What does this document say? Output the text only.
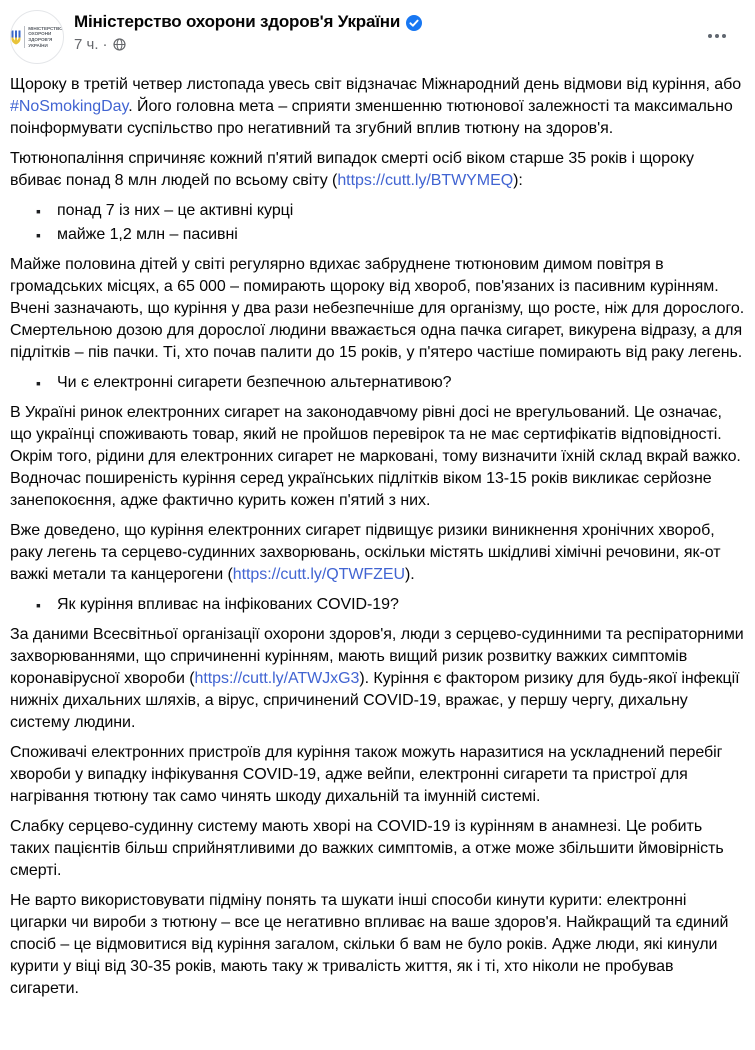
МІНІСТЕРСТВО
ОХОРОНИ
ЗДОРОВ'Я
УКРАЇНИ
Міністерство охорони здоров'я України
7 ч. ·

Щороку в третій четвер листопада увесь світ відзначає Міжнародний день відмови від куріння, або #NoSmokingDay. Його головна мета – сприяти зменшенню тютюнової залежності та максимально поінформувати суспільство про негативний та згубний вплив тютюну на здоров'я.

Тютюнопаління спричиняє кожний п'ятий випадок смерті осіб віком старше 35 років і щороку вбиває понад 8 млн людей по всьому світу (https://cutt.ly/BTWYMEQ):

▪ понад 7 із них – це активні курці
▪ майже 1,2 млн – пасивні

Майже половина дітей у світі регулярно вдихає забруднене тютюновим димом повітря в громадських місцях, а 65 000 – помирають щороку від хвороб, пов'язаних із пасивним курінням. Вчені зазначають, що куріння у два рази небезпечніше для організму, що росте, ніж для дорослого. Смертельною дозою для дорослої людини вважається одна пачка сигарет, викурена відразу, а для підлітків – пів пачки. Ті, хто почав палити до 15 років, у п'ятеро частіше помирають від раку легень.

▪ Чи є електронні сигарети безпечною альтернативою?

В Україні ринок електронних сигарет на законодавчому рівні досі не врегульований. Це означає, що українці споживають товар, який не пройшов перевірок та не має сертифікатів відповідності. Окрім того, рідини для електронних сигарет не марковані, тому визначити їхній склад вкрай важко. Водночас поширеність куріння серед українських підлітків віком 13-15 років викликає серйозне занепокоєння, адже фактично курить кожен п'ятий з них.

Вже доведено, що куріння електронних сигарет підвищує ризики виникнення хронічних хвороб, раку легень та серцево-судинних захворювань, оскільки містять шкідливі хімічні речовини, як-от важкі метали та канцерогени (https://cutt.ly/QTWFZEU).

▪ Як куріння впливає на інфікованих COVID-19?

За даними Всесвітньої організації охорони здоров'я, люди з серцево-судинними та респіраторними захворюваннями, що спричиненні курінням, мають вищий ризик розвитку важких симптомів коронавірусної хвороби (https://cutt.ly/ATWJxG3). Куріння є фактором ризику для будь-якої інфекції нижніх дихальних шляхів, а вірус, спричинений COVID-19, вражає, у першу чергу, дихальну систему людини.

Споживачі електронних пристроїв для куріння також можуть наразитися на ускладнений перебіг хвороби у випадку інфікування COVID-19, адже вейпи, електронні сигарети та пристрої для нагрівання тютюну так само чинять шкоду дихальній та імунній системі.

Слабку серцево-судинну систему мають хворі на COVID-19 із курінням в анамнезі. Це робить таких пацієнтів більш сприйнятливими до важких симптомів, а отже може збільшити ймовірність смерті.

Не варто використовувати підміну понять та шукати інші способи кинути курити: електронні цигарки чи вироби з тютюну – все це негативно впливає на ваше здоров'я. Найкращий та єдиний спосіб – це відмовитися від куріння загалом, скільки б вам не було років. Адже люди, які кинули курити у віці від 30-35 років, мають таку ж тривалість життя, як і ті, хто ніколи не пробував сигарети.
